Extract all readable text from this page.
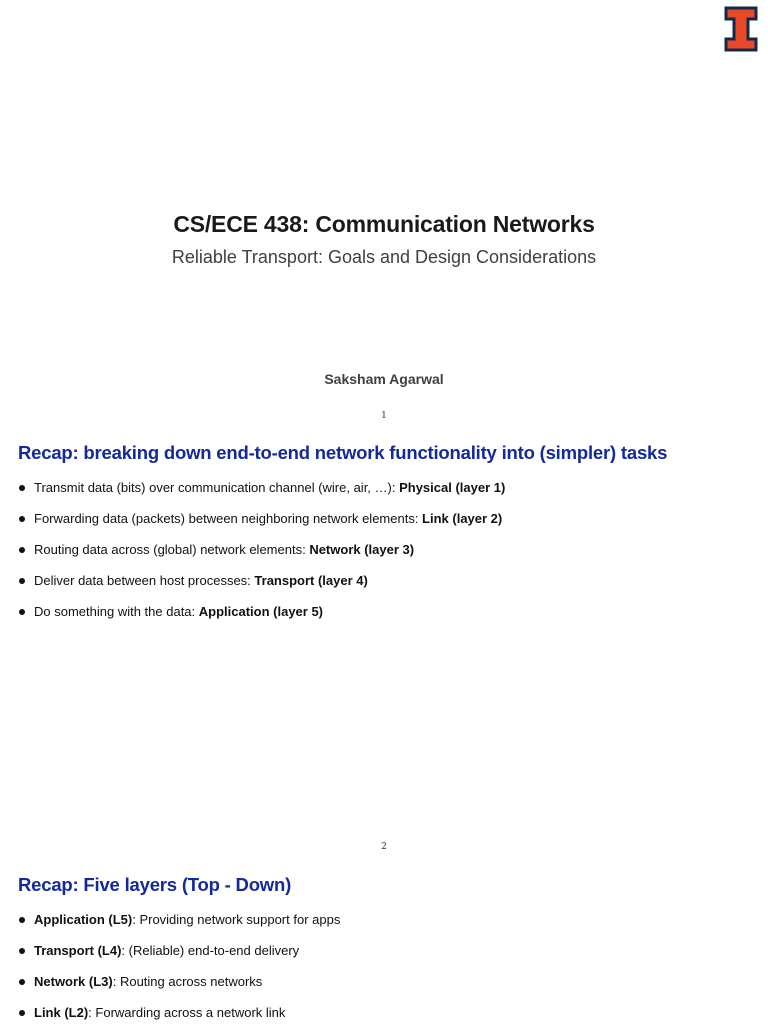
CS/ECE 438: Communication Networks
Reliable Transport: Goals and Design Considerations
Saksham Agarwal
1
Recap: breaking down end-to-end network functionality into (simpler) tasks
Transmit data (bits) over communication channel (wire, air, …): Physical (layer 1)
Forwarding data (packets) between neighboring network elements: Link (layer 2)
Routing data across (global) network elements: Network (layer 3)
Deliver data between host processes: Transport (layer 4)
Do something with the data: Application (layer 5)
2
Recap: Five layers (Top - Down)
Application (L5): Providing network support for apps
Transport (L4): (Reliable) end-to-end delivery
Network (L3): Routing across networks
Link (L2): Forwarding across a network link
